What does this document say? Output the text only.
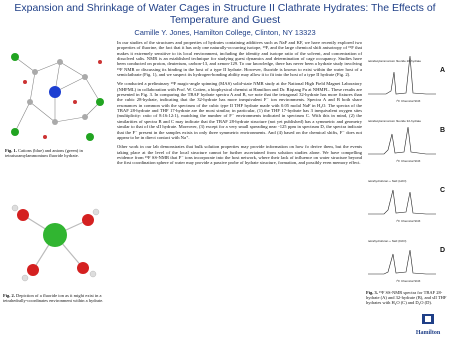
Expansion and Shrinkage of Water Cages in Structure II Clathrate Hydrates: The Effects of Temperature and Guest
Camille Y. Jones, Hamilton College, Clinton, NY 13323
Fig. 1. Cations (blue) and anions (green) in tetraisoamylammonium fluoride hydrate.
Fig. 2. Depiction of a fluoride ion as it might exist in a tetrahedrally-coordinates environment within a hydrate.

In our studies of the structures and properties of hydrates containing additives such as NaF and KF, we have recently explored two properties of fluorine, the fact that it has only one naturally-occurring isotope, ¹⁹F, and the large chemical shift anisotropy of ¹⁹F that makes it extremely sensitive to its local environment, including the identity and isotope ratio of the solvent, and concentration of dissolved salts. NMR is an established technique for studying guest dynamics and determination of cage occupancy. Studies have been conducted on proton, deuterium, carbon-13, and xenon-129. To our knowledge, there has never been a hydrate study involving ¹⁹F NMR or discussing its binding in the host of a type II hydrate. However, fluoride is known to exist within the water host of a semiclathrate (Fig. 1), and we suspect its hydrogen-bonding ability may allow it to fit into the host of a type II hydrate (Fig. 2).

We conducted a preliminary ¹⁹F magic-angle spinning (MAS) solid-state NMR study at the National High Field Magnet Laboratory (NHFML) in collaboration with Prof. W. Cotten, a biophysical chemist at Hamilton and Dr. Riqiang Fu at NHMFL. These results are presented in Fig. 3. In comparing the TBAF hydrate spectra A and B, we note that the tetragonal 32-hydrate has more fixtures than the cubic 28-hydrate, indicating that the 32-hydrate has more inequivalent F⁻ ion environments. Spectra A and B both share resonances in common with the spectrum of the cubic type II THF hydrate made with 0.05 molal NaF in H₂O. The spectra of the TBAF 28-hydrate and THF 17-hydrate are the most similar; in particular, (1) the THF 17-hydrate has 3 inequivalent oxygen sites (multiplicity: ratio of 8:16:12:1), matching the number of F⁻ environments indicated in spectrum C. With this in mind, (2) the similarities of spectra B and C may indicate that the TBAF 28-hydrate structure (not yet published) has a symmetric and geometry similar to that of the sII hydrate. Moreover, (3) except for a very small spreading near -125 ppm in spectrum D, the spectra indicate that the F⁻ present in the samples exists in only three symmetric environments. And (4) based on the chemical shifts, F⁻ does not appear to be in direct contact with Na⁺.

Other work in our lab demonstrates that bulk solution properties may provide information on how fo derive them, but the events taking place at the level of the local structure cannot be further ascertained from solution studies alone. We have compelling evidence from ¹⁹F SS-NMR that F⁻ ions incorporate into the host network, where their lack of influence on water structure beyond the first coordination sphere of water may provide a passive probe of hydrate structure, formation, and possibly even memory effect.

A
B
C
D
tetrabutylammonium fluoride 28-hydrate
tetrabutylammonium fluoride 32-hydrate
tetrahydrofuran + NaF (H2O)
tetrahydrofuran + NaF (D2O)
¹⁹F Chemical Shift
¹⁹F Chemical Shift
¹⁹F Chemical Shift
¹⁹F Chemical Shift
Fig. 3. ¹⁹F SS-NMR spectra for TBAF 28-hydrate (A) and 32-hydrate (B), and sII THF hydrates with H₂O (C) and D₂O (D).
Hamilton
